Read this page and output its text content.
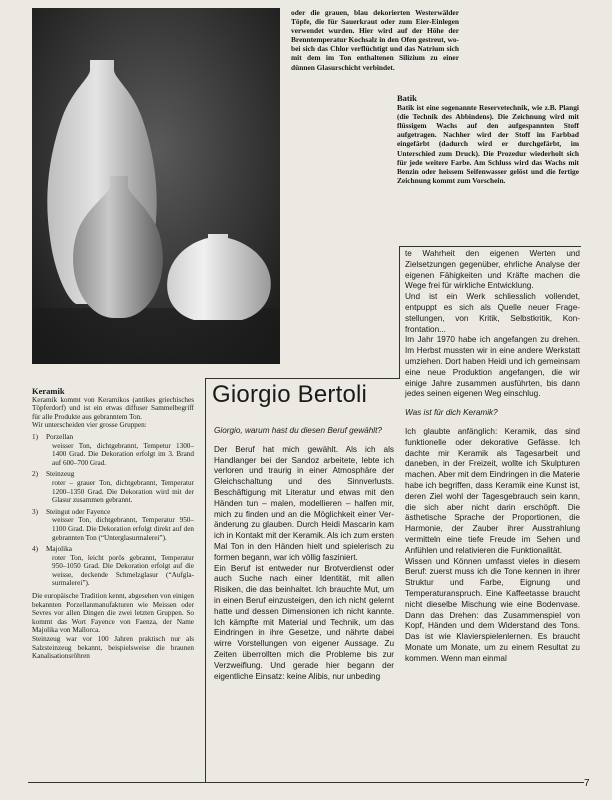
oder die grauen, blau dekorierten Westerwälder Töpfe, die für Sauerkraut oder zum Eier-Einlegen verwendet wurden. Hier wird auf der Höhe der Brenntemperatur Kochsalz in den Ofen gestreut, wobei sich das Chlor verflüchtigt und das Natrium sich mit dem im Ton enthaltenen Silizium zu einer dünnen Glasurschicht verbindet.

Batik

Batik ist eine sogenannte Reservetechnik, wie z.B. Plangi (die Technik des Abbindens). Die Zeichnung wird mit flüssigem Wachs auf den aufgespannten Stoff aufgetragen. Nachher wird der Stoff im Farbbad eingefärbt (dadurch wird er durchgefärbt, im Unterschied zum Druck). Die Prozedur wiederholt sich für jede weitere Farbe. Am Schluss wird das Wachs mit Benzin oder heissem Seifenwasser gelöst und die fertige Zeichnung kommt zum Vorschein.

Keramik

Keramik kommt von Keramikos (antikes griechisches Töpferdorf) und ist ein etwas diffuser Sammelbegriff für alle Produkte aus gebranntem Ton.

Wir unterscheiden vier grosse Gruppen:

1)	Porzellan
weisser Ton, dichtgebrannt, Tempetur 1300–1400 Grad. Die Dekoration erfolgt im 3. Brand auf 600–700 Grad.
2)	Steinzeug
roter – grauer Ton, dichtgebrannt, Temperatur 1200–1350 Grad. Die Dekoration wird mit der Glasur zusammen gebrannt.
3)	Steingut oder Fayence
weisser Ton, dichtgebrannt, Temperatur 950–1100 Grad. Die Dekoration erfolgt direkt auf den gebrannten Ton (“Unterglasurmalerei”).
4)	Majolika
roter Ton, leicht porös gebrannt, Temperatur 950–1050 Grad. Die Dekoration erfolgt auf die weisse, deckende Schmelzglasur (“Aufglasurmalerei”).

Die europäische Tradition kennt, abgesehen von einigen bekannten Porzellanmanufakturen wie Meissen oder Sevres vor allen Dingen die zwei letzten Gruppen. So kommt das Wort Fayence von Faenza, der Name Majolika von Mallorca.

Steinzeug war vor 100 Jahren praktisch nur als Salzsteinzeug bekannt, beispielsweise die braunen Kanalisationsröhren

Giorgio Bertoli

Giorgio, warum hast du diesen Beruf gewählt?

Der Beruf hat mich gewählt. Als ich als Handlanger bei der Sandoz arbeitete, lebte ich verloren und traurig in einer Atmosphäre der Gleichschaltung und des Sinnverlusts. Beschäftigung mit Literatur und etwas mit den Händen tun – malen, modellieren – halfen mir, mich zu finden und an die Möglichkeit einer Veränderung zu glauben. Durch Heidi Mascarin kam ich in Kontakt mit der Keramik. Als ich zum ersten Mal Ton in den Händen hielt und spielerisch zu formen begann, war ich völlig fasziniert.

Ein Beruf ist entweder nur Brotverdienst oder auch Suche nach einer Identität, mit allen Risiken, die das beinhaltet. Ich brauchte Mut, um in einen Beruf einzusteigen, den ich nicht gelernt hatte und dessen Dimensionen ich nicht kannte. Ich kämpfte mit Material und Technik, um das Eindringen in ihre Gesetze, und nährte dabei wirre Vorstellungen von eigener Aussage. Zu Zeiten überrollten mich die Probleme bis zur Verzweiflung. Und gerade hier begann der eigentliche Einsatz: keine Alibis, nur unbeding

te Wahrheit den eigenen Werten und Zielsetzungen gegenüber, ehrliche Analyse der eigenen Fähigkeiten und Kräfte machen die Wege frei für wirkliche Entwicklung.

Und ist ein Werk schliesslich vollendet, entpuppt es sich als Quelle neuer Fragestellungen, von Kritik, Selbstkritik, Konfrontation...

Im Jahr 1970 habe ich angefangen zu drehen. Im Herbst mussten wir in eine andere Werkstatt umziehen. Dort haben Heidi und ich gemeinsam eine neue Produktion angefangen, die wir einige Jahre zusammen ausführten, bis dann jedes seinen eigenen Weg einschlug.

Was ist für dich Keramik?

Ich glaubte anfänglich: Keramik, das sind funktionelle oder dekorative Gefässe. Ich dachte mir Keramik als Tagesarbeit und daneben, in der Freizeit, wollte ich Skulpturen machen. Aber mit dem Eindringen in die Materie habe ich begriffen, dass Keramik eine Kunst ist, deren Ziel wohl der Tagesgebrauch sein kann, die sich aber nicht darin erschöpft. Die ästhetische Sprache der Proportionen, die Harmonie, der Zauber ihrer Ausstrahlung vermitteln eine tiefe Freude im Sehen und Anfühlen und relativieren die Funktionalität.

Wissen und Können umfasst vieles in diesem Beruf: zuerst muss ich die Tone kennen in ihrer Struktur und Farbe, Eignung und Temperaturanspruch. Eine Kaffeetasse braucht nicht dieselbe Mischung wie eine Bodenvase. Dann das Drehen: das Zusammenspiel von Kopf, Händen und dem Widerstand des Tons. Das ist wie Klavierspielenlernen. Es braucht Monate um Monate, um zu einem Resultat zu kommen. Wenn man einmal

7
